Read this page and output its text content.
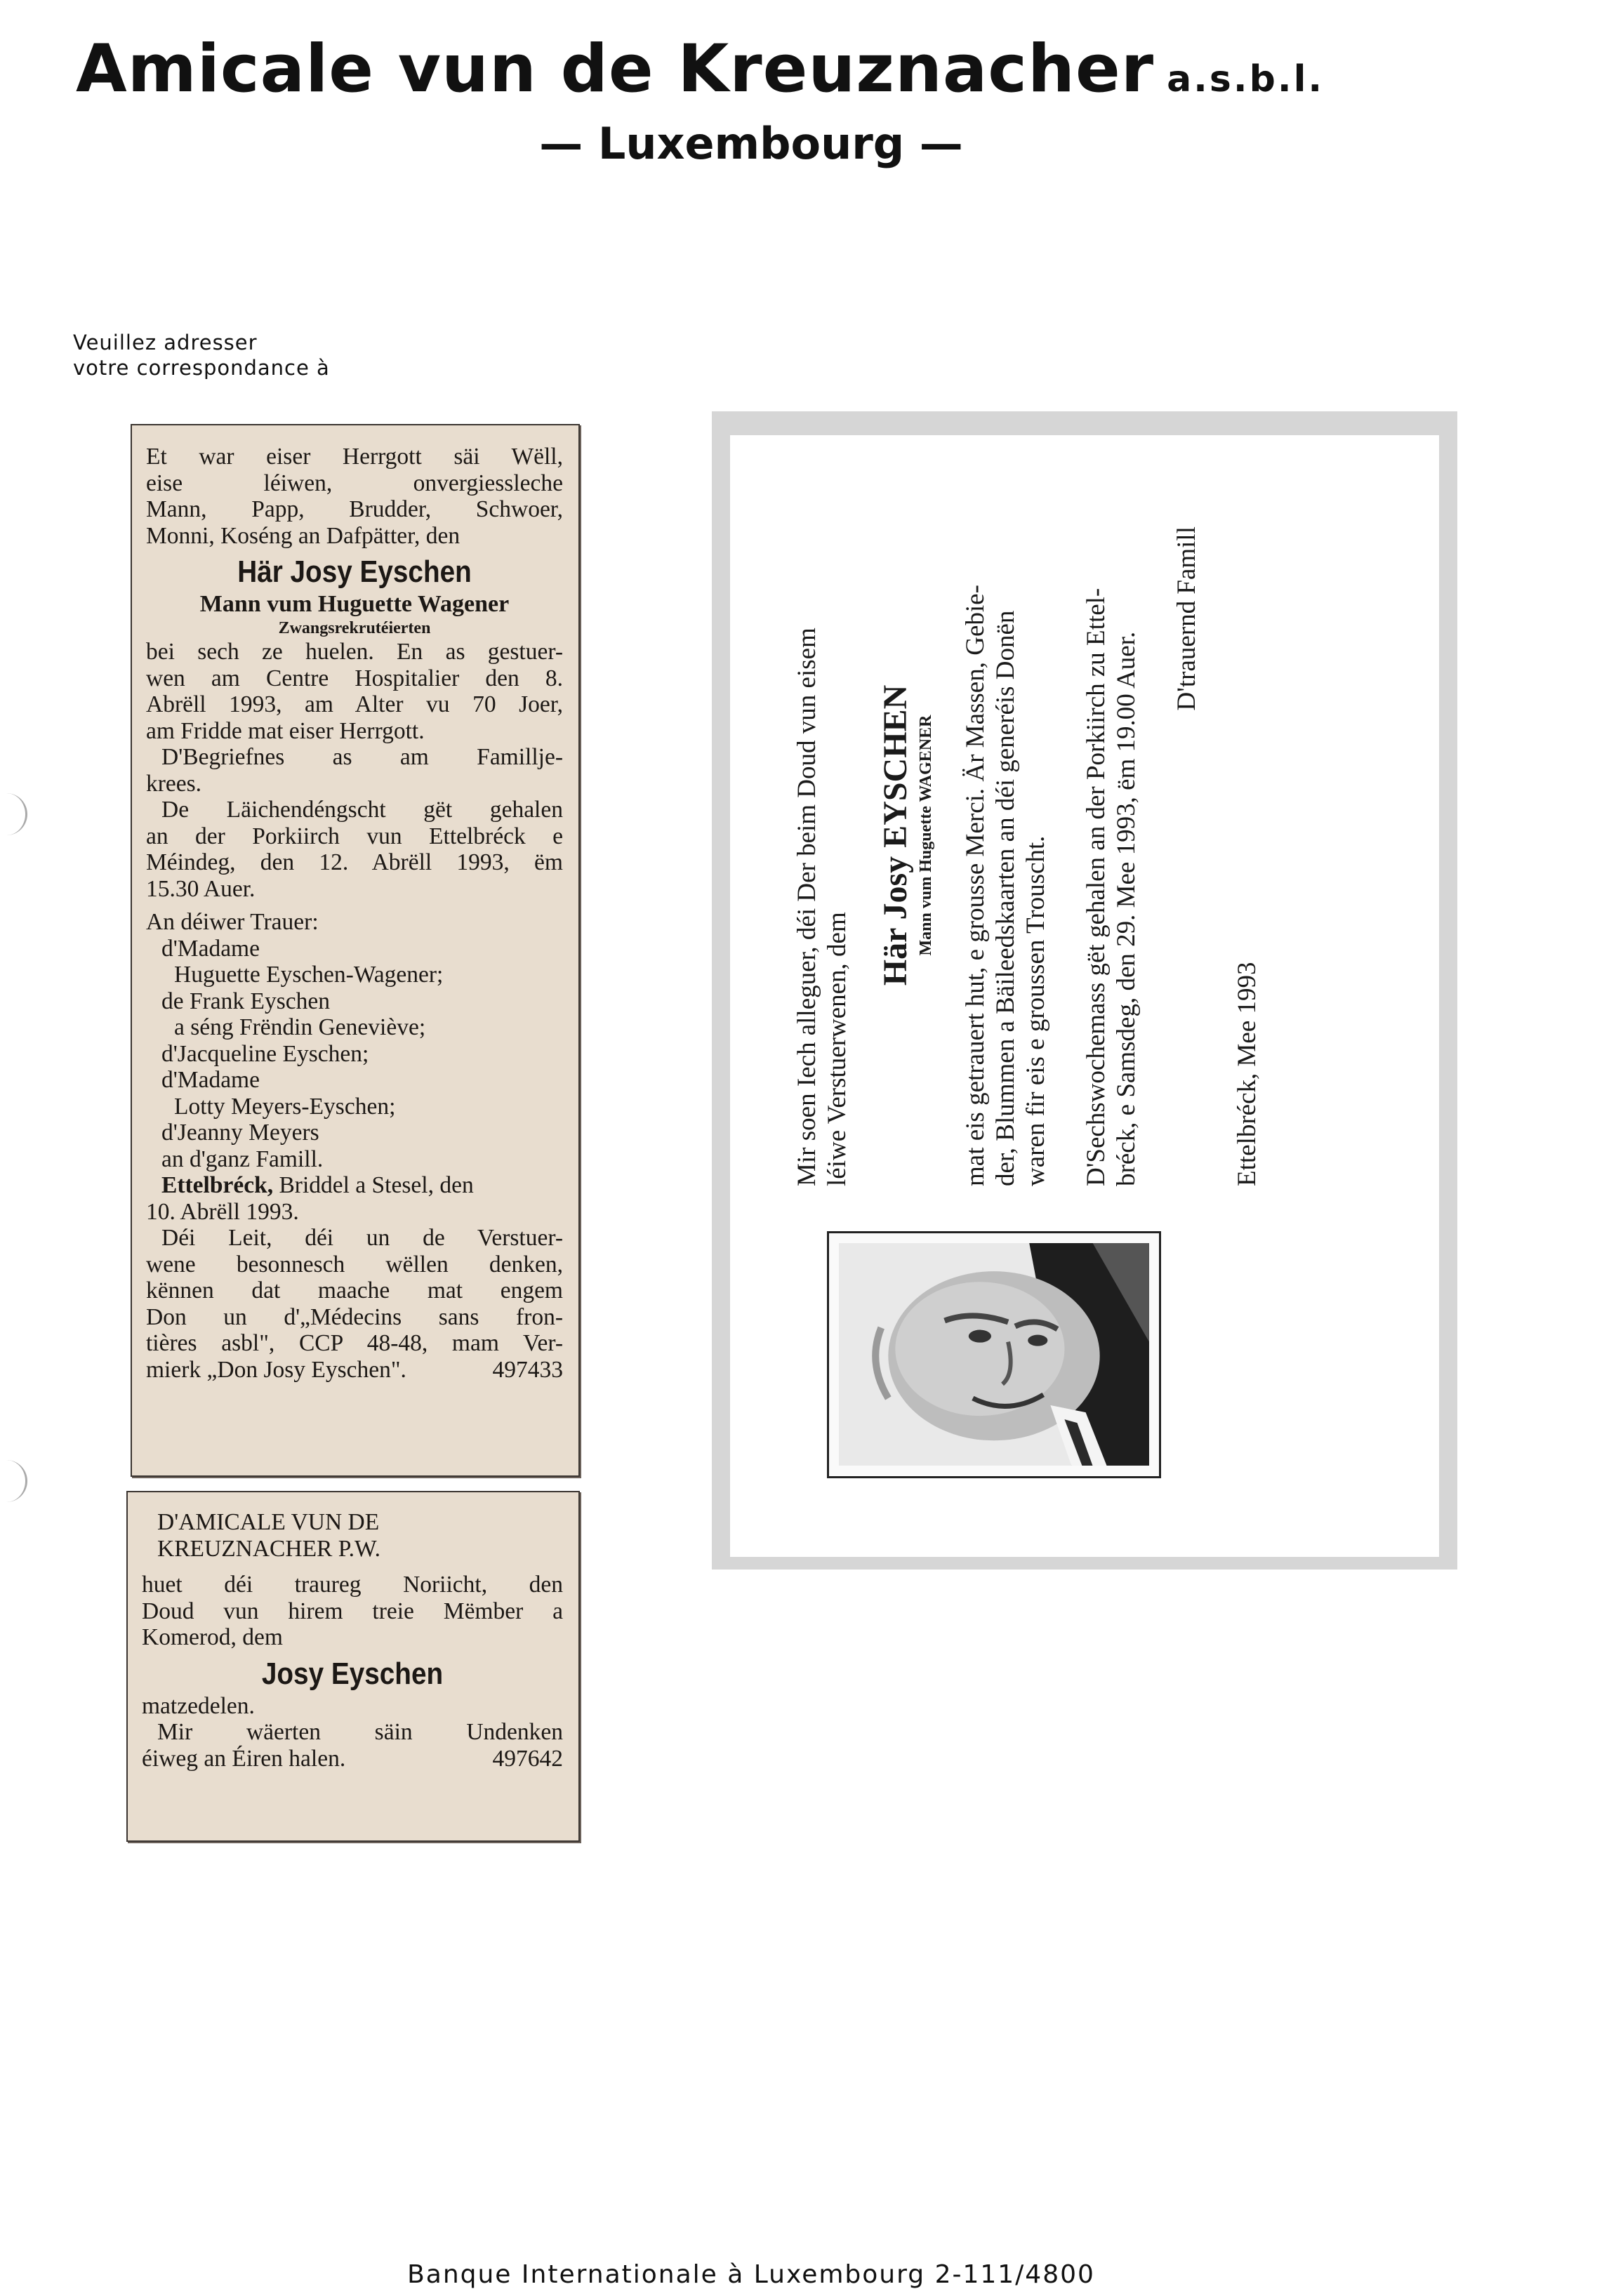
Amicale vun de Kreuznacher a.s.b.l.
— Luxembourg —
Veuillez adresser
votre correspondance à
Et war eiser Herrgott säi Wëll,
eise léiwen, onvergiesslechе
Mann, Papp, Brudder, Schwoer,
Monni, Koséng an Dafpätter, den
Här Josy Eyschen
Mann vum Huguette Wagener
Zwangsrekrutéierten
bei sech ze huelen. En as gestuer-
wen am Centre Hospitalier den 8.
Abrëll 1993, am Alter vu 70 Joer,
am Fridde mat eiser Herrgott.
D'Begriefnes as am Famillje-
krees.
De Läichendéngscht gët gehalen
an der Porkiirch vun Ettelbréck e
Méindeg, den 12. Abrëll 1993, ëm
15.30 Auer.
An déiwer Trauer:
d'Madame
Huguette Eyschen-Wagener;
de Frank Eyschen
a séng Frëndin Geneviève;
d'Jacqueline Eyschen;
d'Madame
Lotty Meyers-Eyschen;
d'Jeanny Meyers
an d'ganz Famill.
Ettelbréck, Briddel a Stesel, den
10. Abrëll 1993.
Déi Leit, déi un de Verstuer-
wene besonnesch wëllen denken,
kënnen dat maache mat engem
Don un d'„Médecins sans fron-
tières asbl", CCP 48-48, mam Ver-
mierk „Don Josy Eyschen".	497433
D'AMICALE VUN DE
KREUZNACHER P.W.
huet déi traureg Noriicht, den
Doud vun hirem treie Mëmber a
Komerod, dem
Josy Eyschen
matzedelen.
Mir wäerten säin Undenken
éiweg an Éiren halen.	497642
Mir soen Iech alleguer, déi Der beim Doud vun eisem léiwe Verstuerwenen, dem
Här Josy EYSCHEN Mann vum Huguette WAGENER mat eis getrauert hut, e grousse Merci. Är Massen, Gebie- der, Blummen a Bäileedskaarten an déi generéis Donën waren fir eis e groussen Trouscht. D'Sechswochemass gët gehalen an der Porkiirch zu Ettel- bréck, e Samsdeg, den 29. Mee 1993, ëm 19.00 Auer.
D'trauernd Famill
Ettelbréck, Mee 1993
Banque Internationale à Luxembourg 2-111/4800
